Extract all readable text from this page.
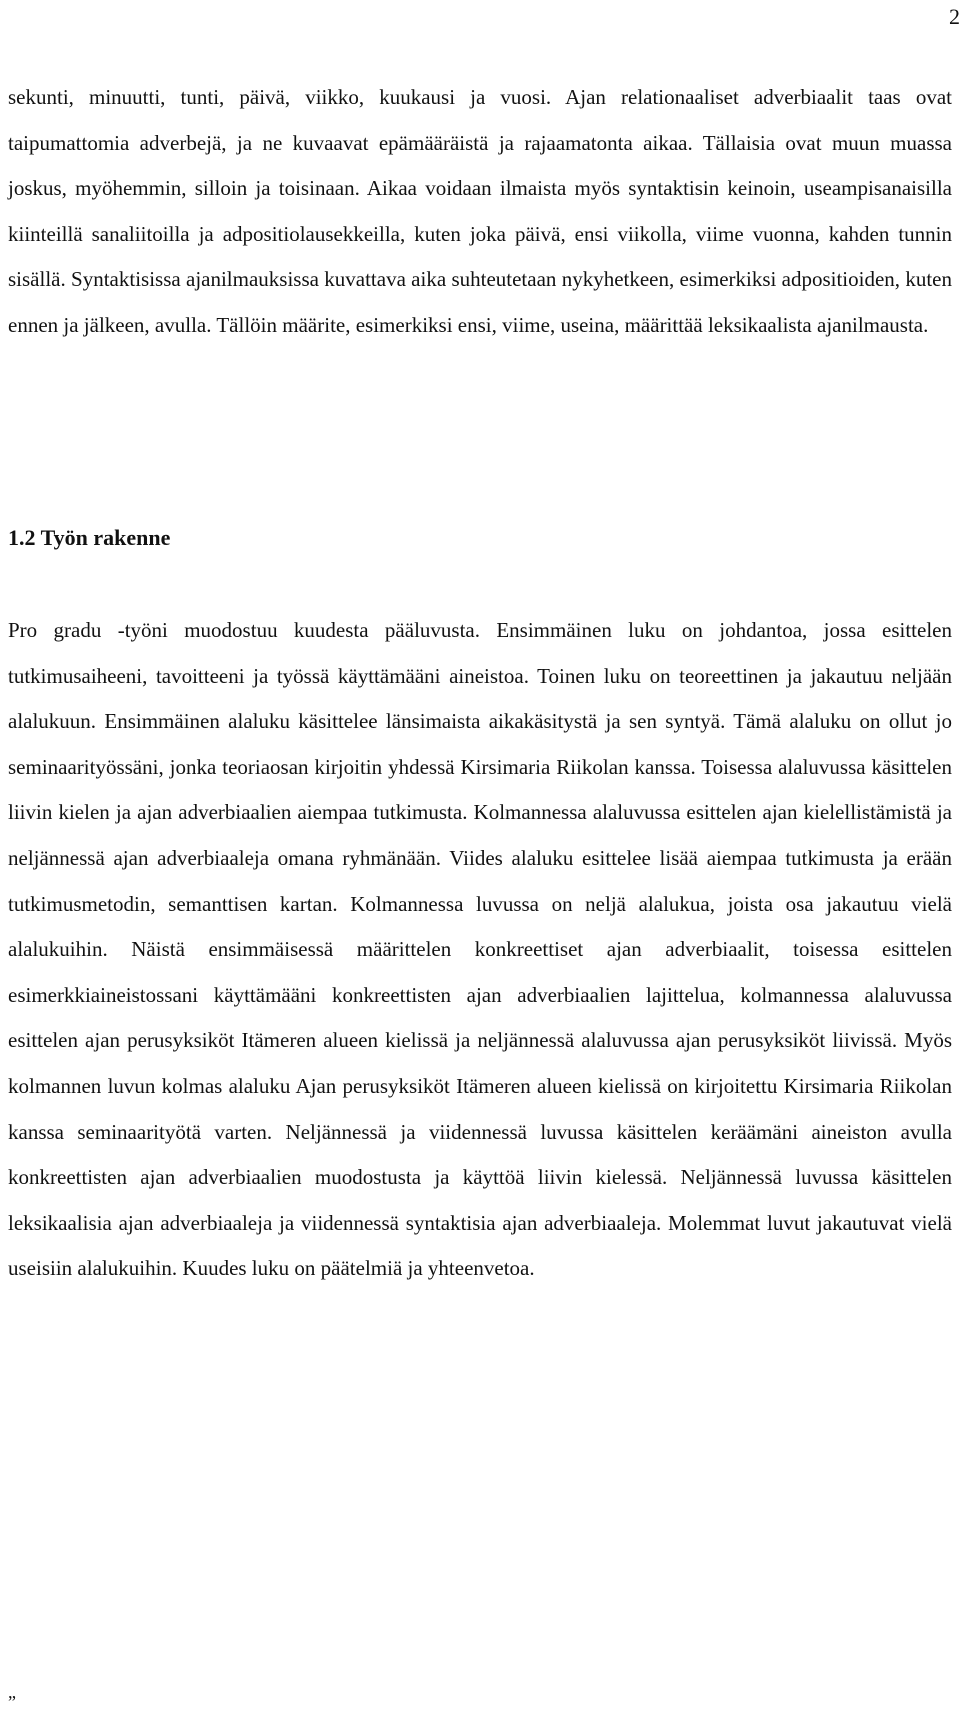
2

sekunti, minuutti, tunti, päivä, viikko, kuukausi ja vuosi. Ajan relationaaliset adverbiaalit taas ovat taipumattomia adverbejä, ja ne kuvaavat epämääräistä ja rajaamatonta aikaa. Tällaisia ovat muun muassa joskus, myöhemmin, silloin ja toisinaan. Aikaa voidaan ilmaista myös syntaktisin keinoin, useampisanaisilla kiinteillä sanaliitoilla ja adpositiolausekkeilla, kuten joka päivä, ensi viikolla, viime vuonna, kahden tunnin sisällä. Syntaktisissa ajanilmauksissa kuvattava aika suhteutetaan nykyhetkeen, esimerkiksi adpositioiden, kuten ennen ja jälkeen, avulla. Tällöin määrite, esimerkiksi ensi, viime, useina, määrittää leksikaalista ajanilmausta.

1.2 Työn rakenne

Pro gradu -työni muodostuu kuudesta pääluvusta. Ensimmäinen luku on johdantoa, jossa esittelen tutkimusaiheeni, tavoitteeni ja työssä käyttämääni aineistoa. Toinen luku on teoreettinen ja jakautuu neljään alalukuun. Ensimmäinen alaluku käsittelee länsimaista aikakäsitystä ja sen syntyä. Tämä alaluku on ollut jo seminaarityössäni, jonka teoriaosan kirjoitin yhdessä Kirsimaria Riikolan kanssa. Toisessa alaluvussa käsittelen liivin kielen ja ajan adverbiaalien aiempaa tutkimusta. Kolmannessa alaluvussa esittelen ajan kielellistämistä ja neljännessä ajan adverbiaaleja omana ryhmänään. Viides alaluku esittelee lisää aiempaa tutkimusta ja erään tutkimusmetodin, semanttisen kartan. Kolmannessa luvussa on neljä alalukua, joista osa jakautuu vielä alalukuihin. Näistä ensimmäisessä määrittelen konkreettiset ajan adverbiaalit, toisessa esittelen esimerkkiaineistossani käyttämääni konkreettisten ajan adverbiaalien lajittelua, kolmannessa alaluvussa esittelen ajan perusyksiköt Itämeren alueen kielissä ja neljännessä alaluvussa ajan perusyksiköt liivissä. Myös kolmannen luvun kolmas alaluku Ajan perusyksiköt Itämeren alueen kielissä on kirjoitettu Kirsimaria Riikolan kanssa seminaarityötä varten. Neljännessä ja viidennessä luvussa käsittelen keräämäni aineiston avulla konkreettisten ajan adverbiaalien muodostusta ja käyttöä liivin kielessä. Neljännessä luvussa käsittelen leksikaalisia ajan adverbiaaleja ja viidennessä syntaktisia ajan adverbiaaleja. Molemmat luvut jakautuvat vielä useisiin alalukuihin. Kuudes luku on päätelmiä ja yhteenvetoa.

”
